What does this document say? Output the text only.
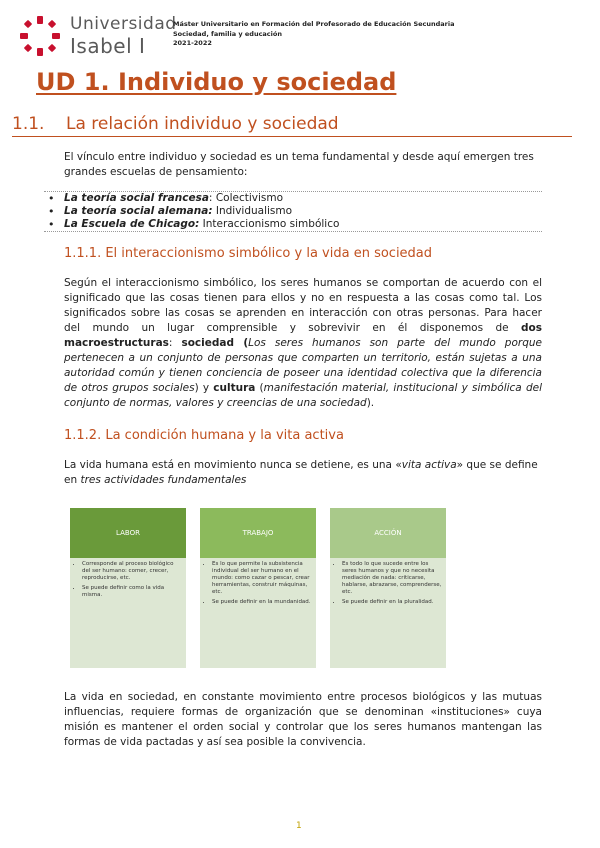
Universidad
Isabel I
Máster Universitario en Formación del Profesorado de Educación Secundaria
Sociedad, familia y educación
2021-2022
UD 1. Individuo y sociedad
1.1. La relación individuo y sociedad

El vínculo entre individuo y sociedad es un tema fundamental y desde aquí emergen tres grandes escuelas de pensamiento:

• La teoría social francesa: Colectivismo
• La teoría social alemana: Individualismo
• La Escuela de Chicago: Interaccionismo simbólico
1.1.1. El interaccionismo simbólico y la vida en sociedad

Según el interaccionismo simbólico, los seres humanos se comportan de acuerdo con el significado que las cosas tienen para ellos y no en respuesta a las cosas como tal. Los significados sobre las cosas se aprenden en interacción con otras personas. Para hacer del mundo un lugar comprensible y sobrevivir en él disponemos de dos macroestructuras: sociedad (Los seres humanos son parte del mundo porque pertenecen a un conjunto de personas que comparten un territorio, están sujetas a una autoridad común y tienen conciencia de poseer una identidad colectiva que la diferencia de otros grupos sociales) y cultura (manifestación material, institucional y simbólica del conjunto de normas, valores y creencias de una sociedad).

1.1.2. La condición humana y la vita activa

La vida humana está en movimiento nunca se detiene, es una «vita activa» que se define en tres actividades fundamentales

LABOR
• Corresponde al proceso biológico del ser humano: comer, crecer, reproducirse, etc.
• Se puede definir como la vida misma.
TRABAJO
• Es lo que permite la subsistencia individual del ser humano en el mundo: como cazar o pescar, crear herramientas, construir máquinas, etc.
• Se puede definir en la mundanidad.
ACCIÓN
• Es todo lo que sucede entre los seres humanos y que no necesita mediación de nada: criticarse, hablarse, abrazarse, comprenderse, etc.
• Se puede definir en la pluralidad.

La vida en sociedad, en constante movimiento entre procesos biológicos y las mutuas influencias, requiere formas de organización que se denominan «instituciones» cuya misión es mantener el orden social y controlar que los seres humanos mantengan las formas de vida pactadas y así sea posible la convivencia.

1
